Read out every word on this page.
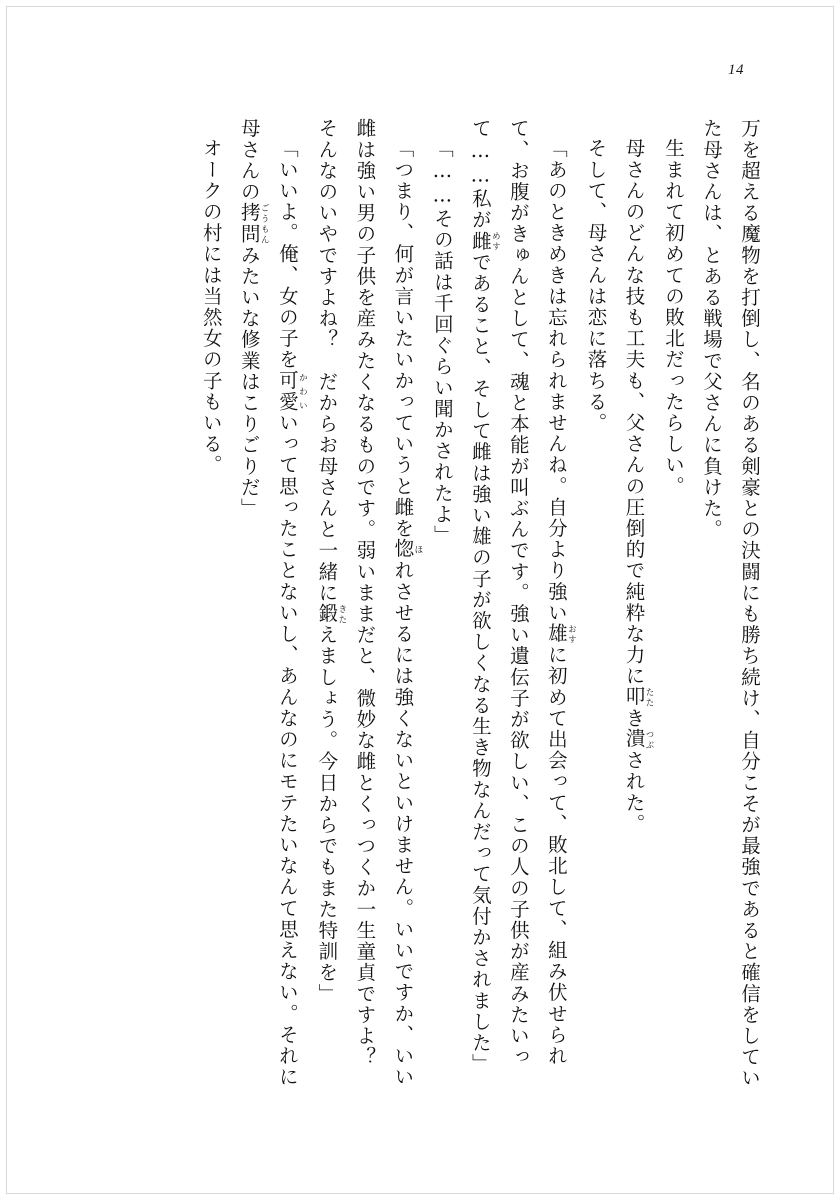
14

万を超える魔物を打倒し、名のある剣豪との決闘にも勝ち続け、自分こそが最強であると確信をしていた母さんは、とある戦場で父さんに負けた。

生まれて初めての敗北だったらしい。

母さんのどんな技も工夫も、父さんの圧倒的で純粋な力に叩たたき潰つぶされた。

そして、母さんは恋に落ちる。

「あのときめきは忘れられませんね。自分より強い雄おすに初めて出会って、敗北して、組み伏せられて、お腹がきゅんとして、魂と本能が叫ぶんです。強い遺伝子が欲しい、この人の子供が産みたいって……私が雌めすであること、そして雌は強い雄の子が欲しくなる生き物なんだって気付かされました」

「……その話は千回ぐらい聞かされたよ」

「つまり、何が言いたいかっていうと雌を惚ほれさせるには強くないといけません。いいですか、いい雌は強い男の子供を産みたくなるものです。弱いままだと、微妙な雌とくっつくか一生童貞ですよ？　そんなのいやですよね？　だからお母さんと一緒に鍛きたえましょう。今日からでもまた特訓を」

「いいよ。俺、女の子を可愛かわいいって思ったことないし、あんなのにモテたいなんて思えない。それに母さんの拷問ごうもんみたいな修業はこりごりだ」

オークの村には当然女の子もいる。
